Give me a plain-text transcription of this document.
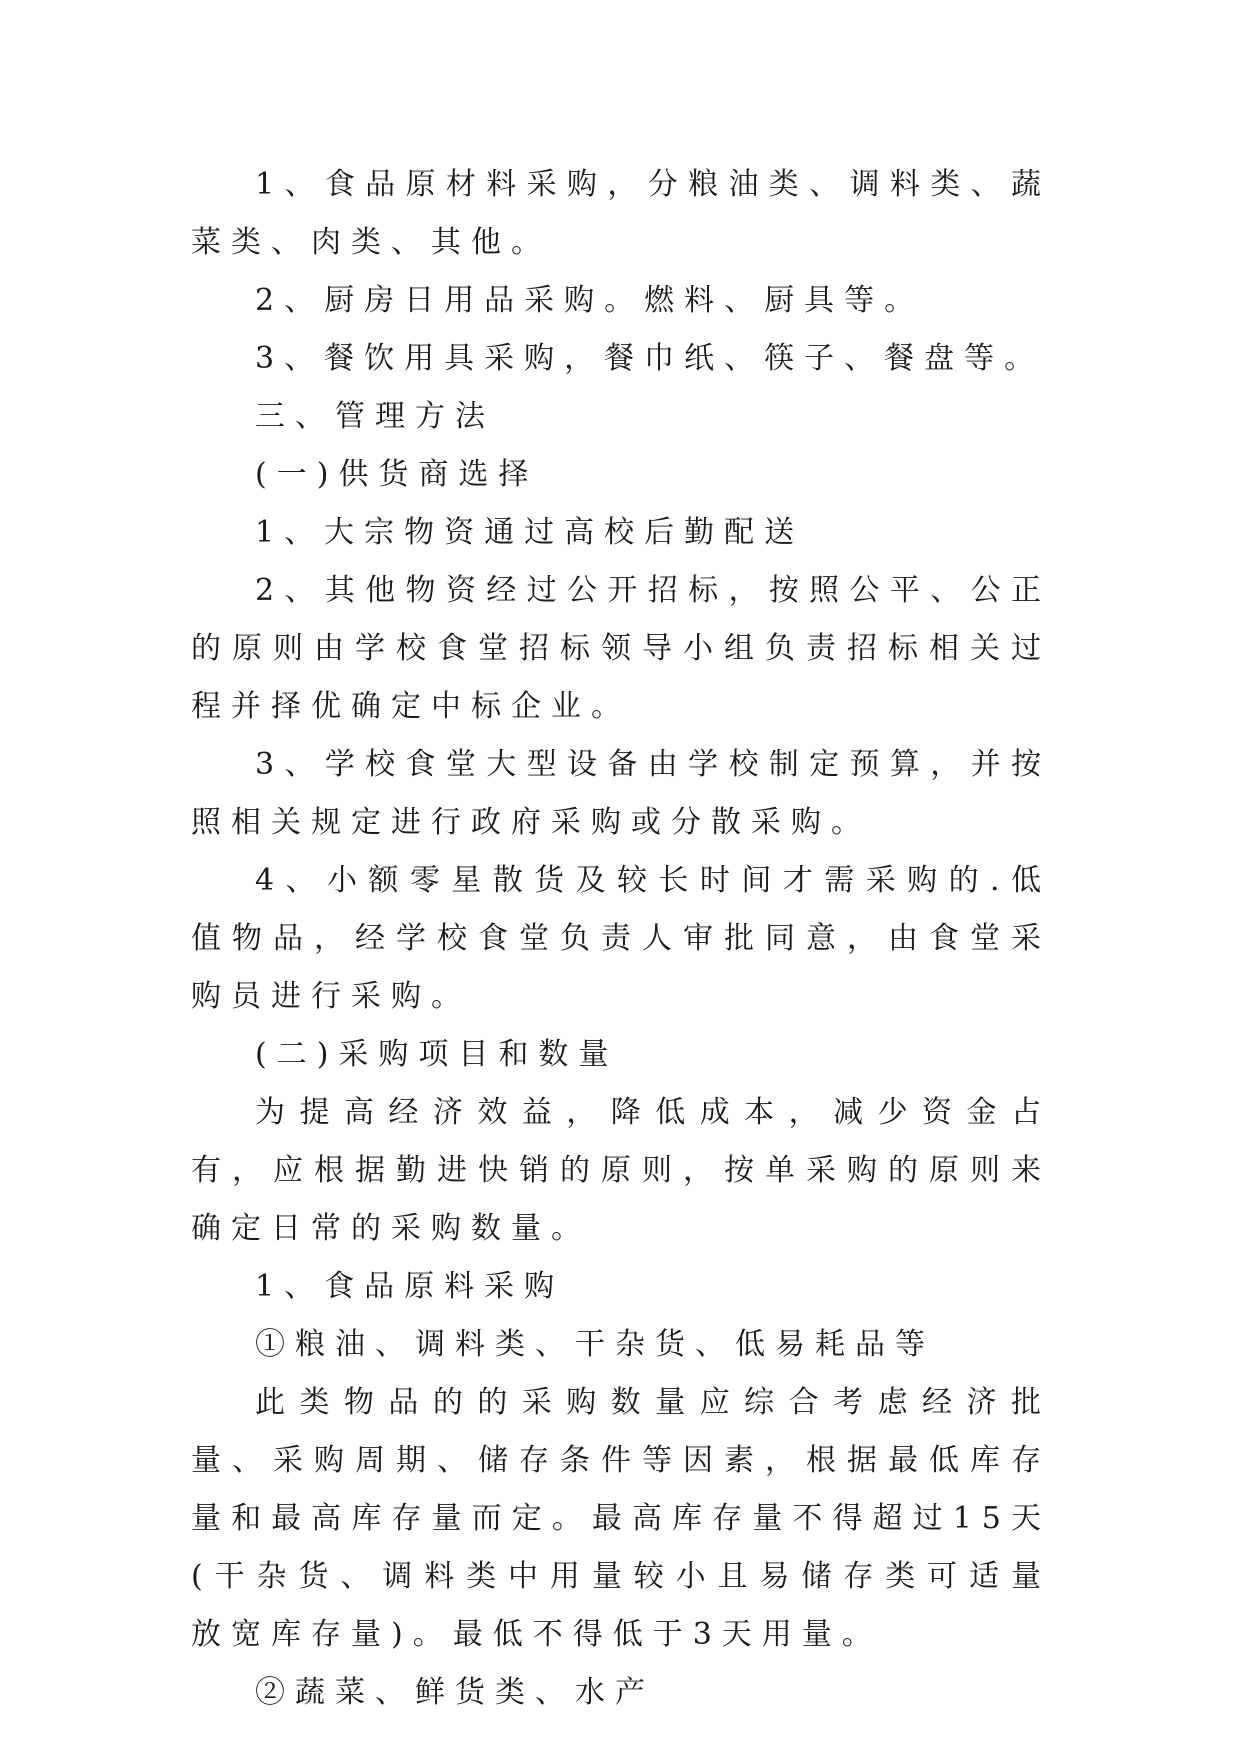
1、食品原材料采购，分粮油类、调料类、蔬菜类、肉类、其他。

2、厨房日用品采购。燃料、厨具等。

3、餐饮用具采购，餐巾纸、筷子、餐盘等。

三、管理方法

(一)供货商选择

1、大宗物资通过高校后勤配送

2、其他物资经过公开招标，按照公平、公正的原则由学校食堂招标领导小组负责招标相关过程并择优确定中标企业。

3、学校食堂大型设备由学校制定预算，并按照相关规定进行政府采购或分散采购。

4、小额零星散货及较长时间才需采购的.低值物品，经学校食堂负责人审批同意，由食堂采购员进行采购。

(二)采购项目和数量

为提高经济效益，降低成本，减少资金占有，应根据勤进快销的原则，按单采购的原则来确定日常的采购数量。

1、食品原料采购

①粮油、调料类、干杂货、低易耗品等

此类物品的的采购数量应综合考虑经济批量、采购周期、储存条件等因素，根据最低库存量和最高库存量而定。最高库存量不得超过15天(干杂货、调料类中用量较小且易储存类可适量放宽库存量)。最低不得低于3天用量。

②蔬菜、鲜货类、水产
